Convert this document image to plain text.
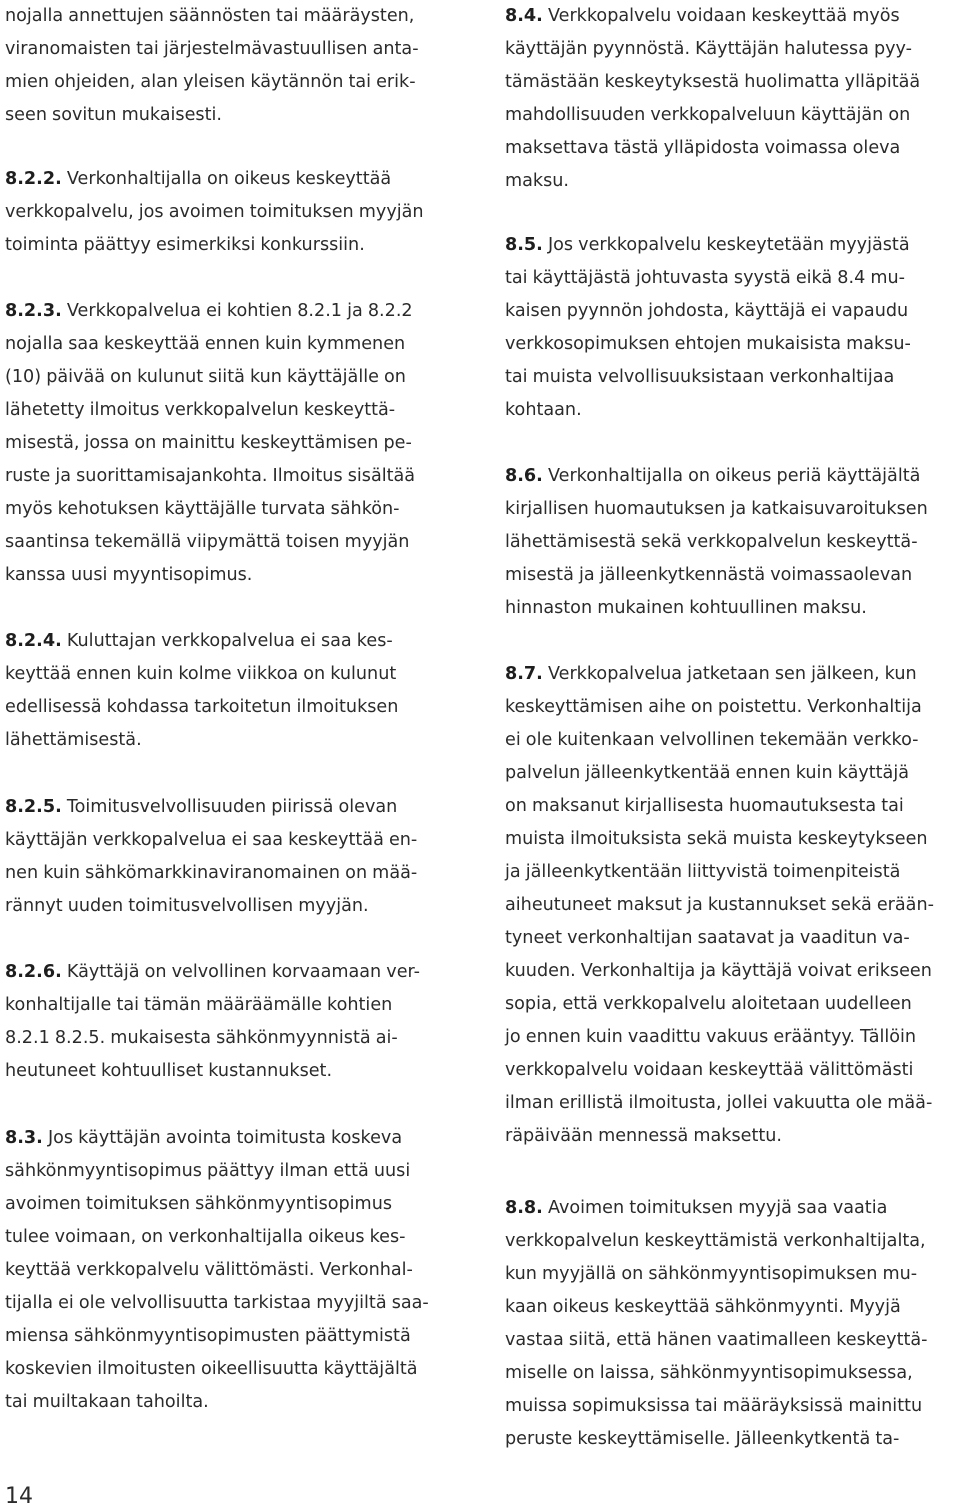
nojalla annettujen säännösten tai määräysten,
viranomaisten tai järjestelmävastuullisen anta-
mien ohjeiden, alan yleisen käytännön tai erik-
seen sovitun mukaisesti.
8.2.2. Verkonhaltijalla on oikeus keskeyttää
verkkopalvelu, jos avoimen toimituksen myyjän
toiminta päättyy esimerkiksi konkurssiin.
8.2.3. Verkkopalvelua ei kohtien 8.2.1 ja 8.2.2
nojalla saa keskeyttää ennen kuin kymmenen
(10) päivää on kulunut siitä kun käyttäjälle on
lähetetty ilmoitus verkkopalvelun keskeyttä-
misestä, jossa on mainittu keskeyttämisen pe-
ruste ja suorittamisajankohta. Ilmoitus sisältää
myös kehotuksen käyttäjälle turvata sähkön-
saantinsa tekemällä viipymättä toisen myyjän
kanssa uusi myyntisopimus.
8.2.4. Kuluttajan verkkopalvelua ei saa kes-
keyttää ennen kuin kolme viikkoa on kulunut
edellisessä kohdassa tarkoitetun ilmoituksen
lähettämisestä.
8.2.5. Toimitusvelvollisuuden piirissä olevan
käyttäjän verkkopalvelua ei saa keskeyttää en-
nen kuin sähkömarkkinaviranomainen on mää-
rännyt uuden toimitusvelvollisen myyjän.
8.2.6. Käyttäjä on velvollinen korvaamaan ver-
konhaltijalle tai tämän määräämälle kohtien
8.2.1 8.2.5. mukaisesta sähkönmyynnistä ai-
heutuneet kohtuulliset kustannukset.
8.3. Jos käyttäjän avointa toimitusta koskeva
sähkönmyyntisopimus päättyy ilman että uusi
avoimen toimituksen sähkönmyyntisopimus
tulee voimaan, on verkonhaltijalla oikeus kes-
keyttää verkkopalvelu välittömästi. Verkonhal-
tijalla ei ole velvollisuutta tarkistaa myyjiltä saa-
miensa sähkönmyyntisopimusten päättymistä
koskevien ilmoitusten oikeellisuutta käyttäjältä
tai muiltakaan tahoilta.
8.4. Verkkopalvelu voidaan keskeyttää myös
käyttäjän pyynnöstä. Käyttäjän halutessa pyy-
tämästään keskeytyksestä huolimatta ylläpitää
mahdollisuuden verkkopalveluun käyttäjän on
maksettava tästä ylläpidosta voimassa oleva
maksu.
8.5. Jos verkkopalvelu keskeytetään myyjästä
tai käyttäjästä johtuvasta syystä eikä 8.4 mu-
kaisen pyynnön johdosta, käyttäjä ei vapaudu
verkkosopimuksen ehtojen mukaisista maksu-
tai muista velvollisuuksistaan verkonhaltijaa
kohtaan.
8.6. Verkonhaltijalla on oikeus periä käyttäjältä
kirjallisen huomautuksen ja katkaisuvaroituksen
lähettämisestä sekä verkkopalvelun keskeyttä-
misestä ja jälleenkytkennästä voimassaolevan
hinnaston mukainen kohtuullinen maksu.
8.7. Verkkopalvelua jatketaan sen jälkeen, kun
keskeyttämisen aihe on poistettu. Verkonhaltija
ei ole kuitenkaan velvollinen tekemään verkko-
palvelun jälleenkytkentää ennen kuin käyttäjä
on maksanut kirjallisesta huomautuksesta tai
muista ilmoituksista sekä muista keskeytykseen
ja jälleenkytkentään liittyvistä toimenpiteistä
aiheutuneet maksut ja kustannukset sekä erään-
tyneet verkonhaltijan saatavat ja vaaditun va-
kuuden. Verkonhaltija ja käyttäjä voivat erikseen
sopia, että verkkopalvelu aloitetaan uudelleen
jo ennen kuin vaadittu vakuus erääntyy. Tällöin
verkkopalvelu voidaan keskeyttää välittömästi
ilman erillistä ilmoitusta, jollei vakuutta ole mää-
räpäivään mennessä maksettu.
8.8. Avoimen toimituksen myyjä saa vaatia
verkkopalvelun keskeyttämistä verkonhaltijalta,
kun myyjällä on sähkönmyyntisopimuksen mu-
kaan oikeus keskeyttää sähkönmyynti. Myyjä
vastaa siitä, että hänen vaatimalleen keskeyttä-
miselle on laissa, sähkönmyyntisopimuksessa,
muissa sopimuksissa tai määräyksissä mainittu
peruste keskeyttämiselle. Jälleenkytkentä ta-
14
